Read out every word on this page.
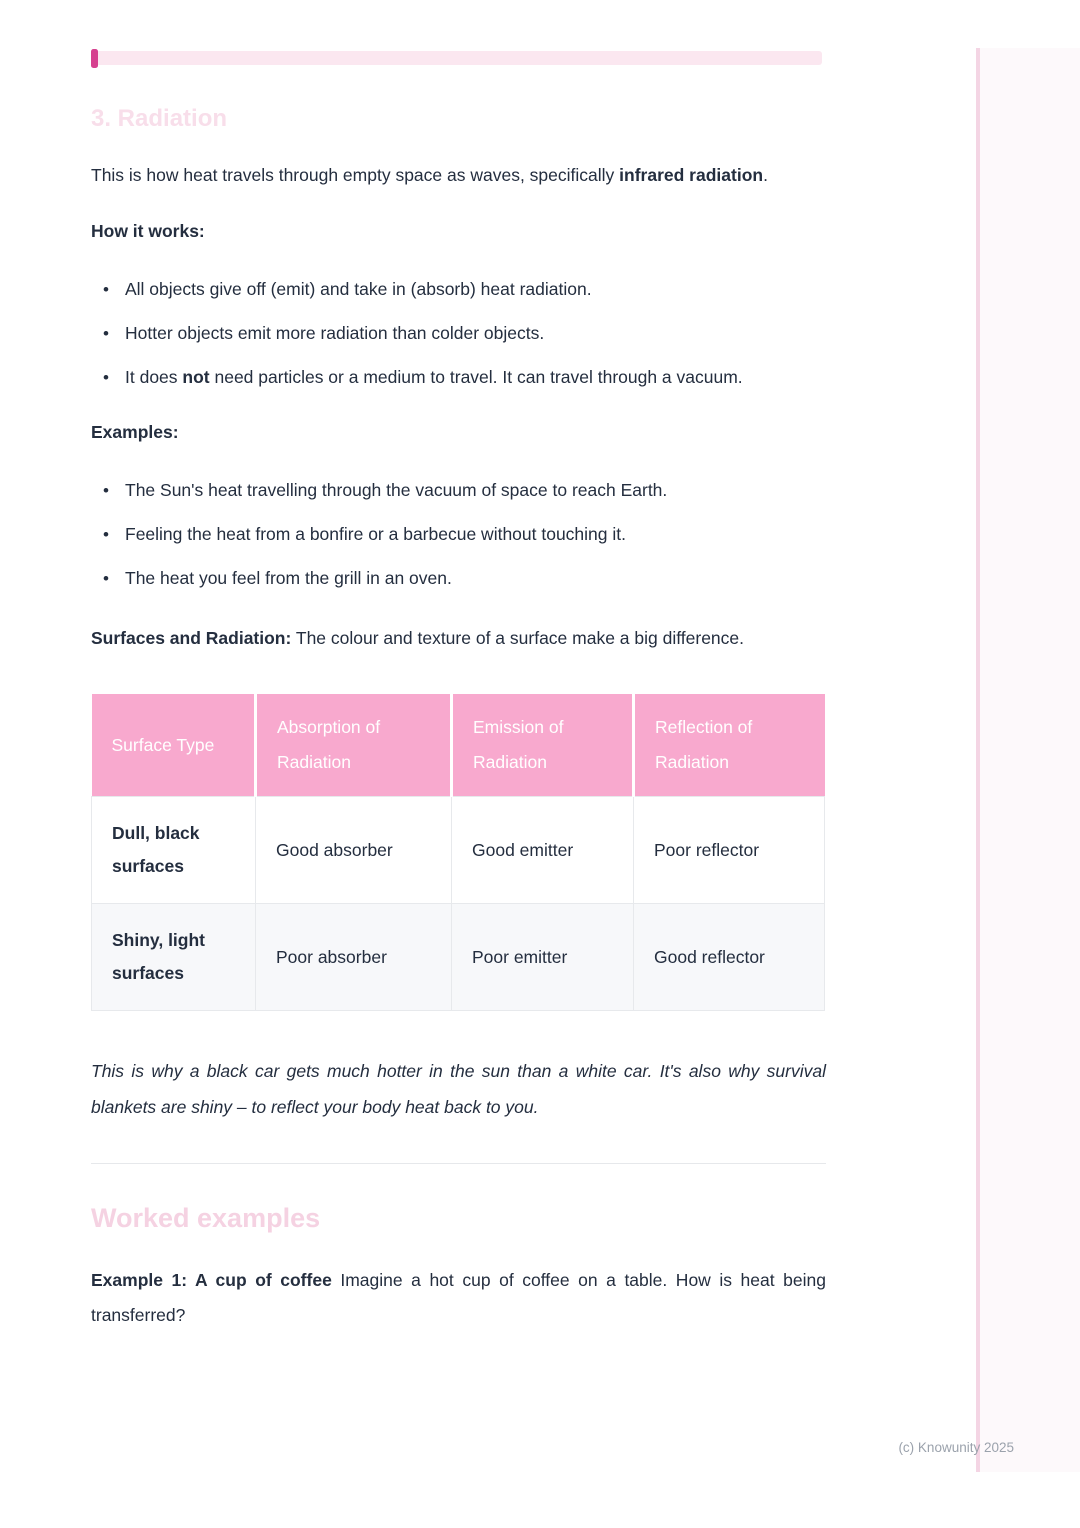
3. Radiation

This is how heat travels through empty space as waves, specifically infrared radiation.

How it works:

• All objects give off (emit) and take in (absorb) heat radiation.
• Hotter objects emit more radiation than colder objects.
• It does not need particles or a medium to travel. It can travel through a vacuum.

Examples:

• The Sun's heat travelling through the vacuum of space to reach Earth.
• Feeling the heat from a bonfire or a barbecue without touching it.
• The heat you feel from the grill in an oven.

Surfaces and Radiation: The colour and texture of a surface make a big difference.

Surface Type	Absorption of Radiation	Emission of Radiation	Reflection of Radiation
Dull, black surfaces	Good absorber	Good emitter	Poor reflector
Shiny, light surfaces	Poor absorber	Poor emitter	Good reflector

This is why a black car gets much hotter in the sun than a white car. It's also why survival blankets are shiny – to reflect your body heat back to you.

Worked examples

Example 1: A cup of coffee Imagine a hot cup of coffee on a table. How is heat being transferred?

(c) Knowunity 2025
